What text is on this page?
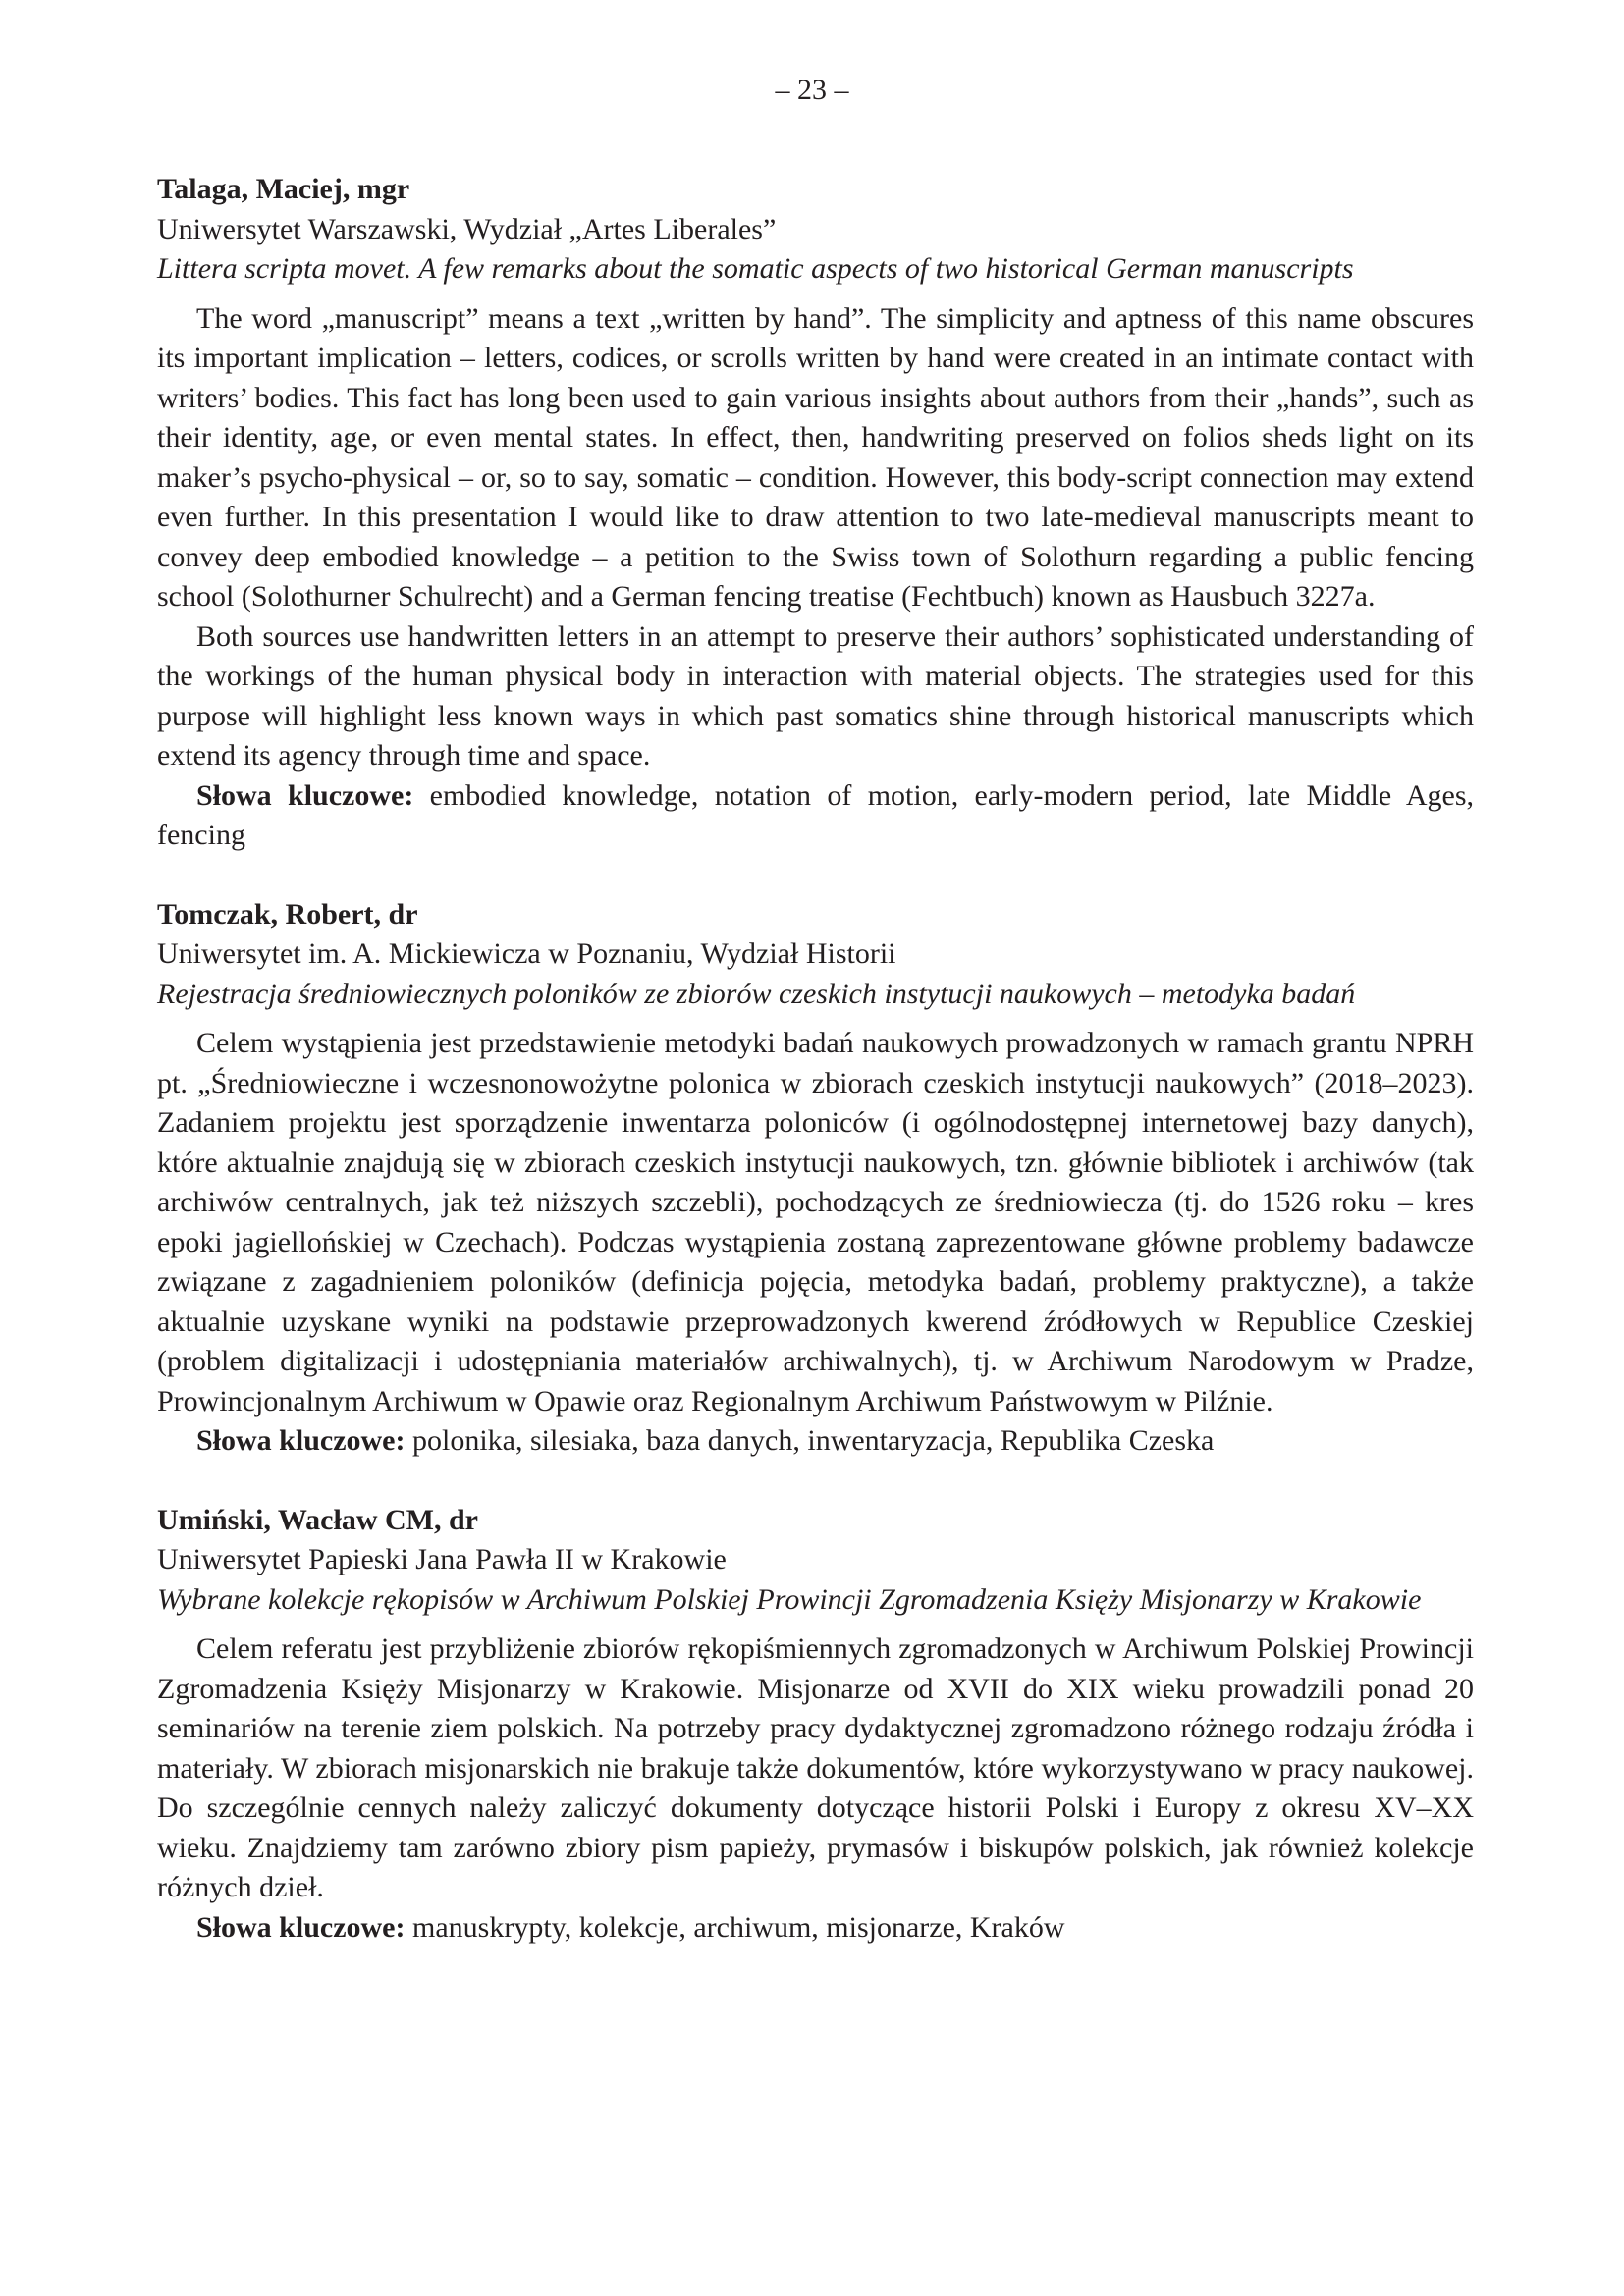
– 23 –

Talaga, Maciej, mgr

Uniwersytet Warszawski, Wydział „Artes Liberales”

Littera scripta movet. A few remarks about the somatic aspects of two historical German manuscripts

The word „manuscript” means a text „written by hand”. The simplicity and aptness of this name obscures its important implication – letters, codices, or scrolls written by hand were created in an intimate contact with writers’ bodies. This fact has long been used to gain various insights about authors from their „hands”, such as their identity, age, or even mental states. In effect, then, handwriting preserved on folios sheds light on its maker’s psycho-physical – or, so to say, somatic – condition. However, this body-script connection may extend even further. In this presentation I would like to draw attention to two late-medieval manuscripts meant to convey deep embodied knowledge – a petition to the Swiss town of Solothurn regarding a public fencing school (Solothurner Schulrecht) and a German fencing treatise (Fechtbuch) known as Hausbuch 3227a.

Both sources use handwritten letters in an attempt to preserve their authors’ sophisticated understanding of the workings of the human physical body in interaction with material objects. The strategies used for this purpose will highlight less known ways in which past somatics shine through historical manuscripts which extend its agency through time and space.

Słowa kluczowe: embodied knowledge, notation of motion, early-modern period, late Middle Ages, fencing

Tomczak, Robert, dr

Uniwersytet im. A. Mickiewicza w Poznaniu, Wydział Historii

Rejestracja średniowiecznych poloników ze zbiorów czeskich instytucji naukowych – metodyka badań

Celem wystąpienia jest przedstawienie metodyki badań naukowych prowadzonych w ramach grantu NPRH pt. „Średniowieczne i wczesnonowożytne polonica w zbiorach czeskich instytucji naukowych” (2018–2023). Zadaniem projektu jest sporządzenie inwentarza poloniców (i ogólnodostępnej internetowej bazy danych), które aktualnie znajdują się w zbiorach czeskich instytucji naukowych, tzn. głównie bibliotek i archiwów (tak archiwów centralnych, jak też niższych szczebli), pochodzących ze średniowiecza (tj. do 1526 roku – kres epoki jagiellońskiej w Czechach). Podczas wystąpienia zostaną zaprezentowane główne problemy badawcze związane z zagadnieniem poloników (definicja pojęcia, metodyka badań, problemy praktyczne), a także aktualnie uzyskane wyniki na podstawie przeprowadzonych kwerend źródłowych w Republice Czeskiej (problem digitalizacji i udostępniania materiałów archiwalnych), tj. w Archiwum Narodowym w Pradze, Prowincjonalnym Archiwum w Opawie oraz Regionalnym Archiwum Państwowym w Pilźnie.

Słowa kluczowe: polonika, silesiaka, baza danych, inwentaryzacja, Republika Czeska

Umiński, Wacław CM, dr

Uniwersytet Papieski Jana Pawła II w Krakowie

Wybrane kolekcje rękopisów w Archiwum Polskiej Prowincji Zgromadzenia Księży Misjonarzy w Krakowie

Celem referatu jest przybliżenie zbiorów rękopiśmiennych zgromadzonych w Archiwum Polskiej Prowincji Zgromadzenia Księży Misjonarzy w Krakowie. Misjonarze od XVII do XIX wieku prowadzili ponad 20 seminariów na terenie ziem polskich. Na potrzeby pracy dydaktycznej zgromadzono różnego rodzaju źródła i materiały. W zbiorach misjonarskich nie brakuje także dokumentów, które wykorzystywano w pracy naukowej. Do szczególnie cennych należy zaliczyć dokumenty dotyczące historii Polski i Europy z okresu XV–XX wieku. Znajdziemy tam zarówno zbiory pism papieży, prymasów i biskupów polskich, jak również kolekcje różnych dzieł.

Słowa kluczowe: manuskrypty, kolekcje, archiwum, misjonarze, Kraków
